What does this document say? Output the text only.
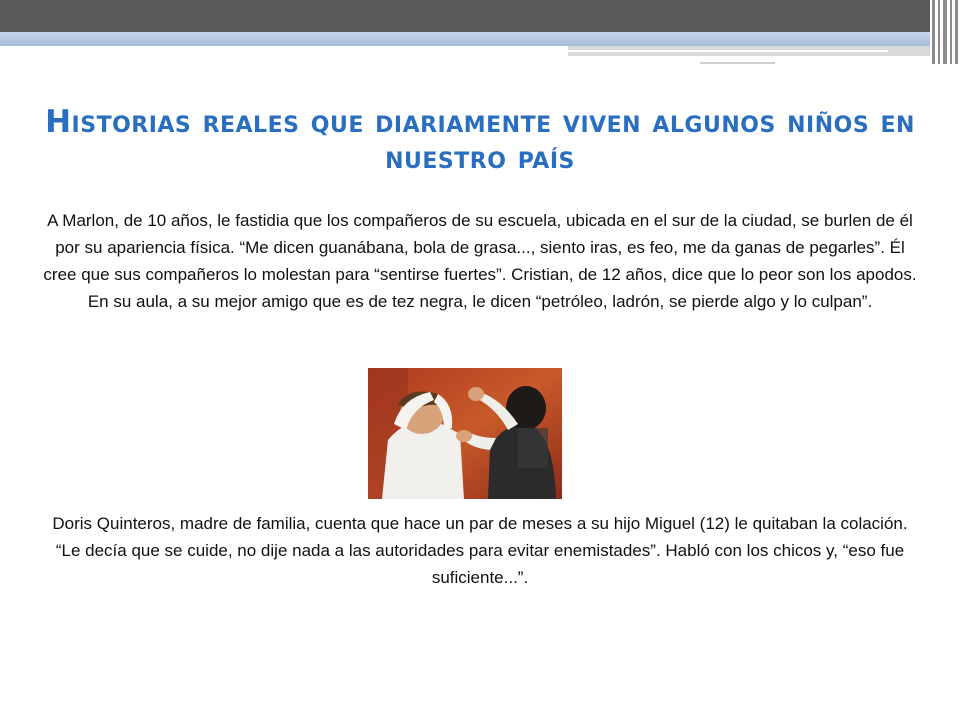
Historias reales que diariamente viven algunos niños en nuestro país
A Marlon, de 10 años, le fastidia que los compañeros de su escuela, ubicada en el sur de la ciudad, se burlen de él por su apariencia física. “Me dicen guanábana, bola de grasa..., siento iras, es feo, me da ganas de pegarles”. Él cree que sus compañeros lo molestan para “sentirse fuertes”. Cristian, de 12 años, dice que lo peor son los apodos. En su aula, a su mejor amigo que es de tez negra, le dicen “petróleo, ladrón, se pierde algo y lo culpan”.
Doris Quinteros, madre de familia, cuenta que hace un par de meses a su hijo Miguel (12) le quitaban la colación. “Le decía que se cuide, no dije nada a las autoridades para evitar enemistades”. Habló con los chicos y, “eso fue suficiente...”.
